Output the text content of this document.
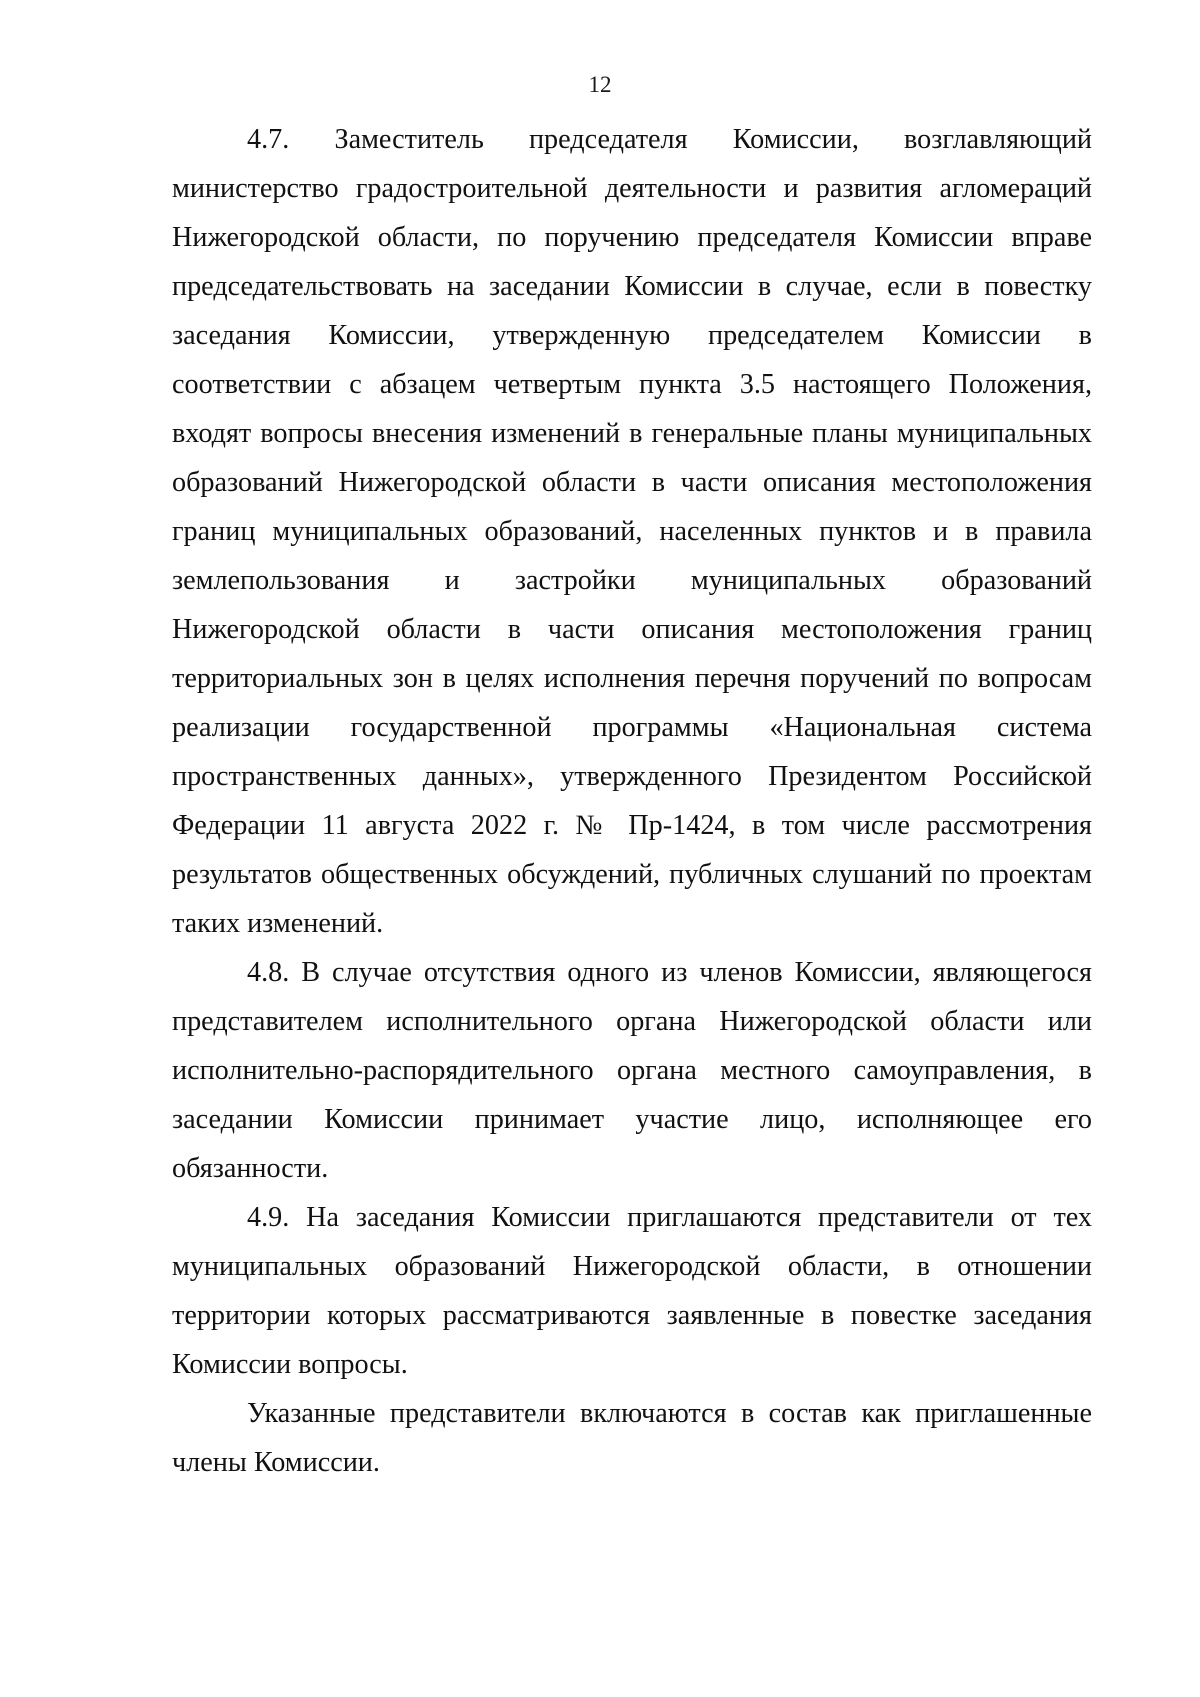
12

4.7. Заместитель председателя Комиссии, возглавляющий министерство градостроительной деятельности и развития агломераций Нижегородской области, по поручению председателя Комиссии вправе председательствовать на заседании Комиссии в случае, если в повестку заседания Комиссии, утвержденную председателем Комиссии в соответствии с абзацем четвертым пункта 3.5 настоящего Положения, входят вопросы внесения изменений в генеральные планы муниципальных образований Нижегородской области в части описания местоположения границ муниципальных образований, населенных пунктов и в правила землепользования и застройки муниципальных образований Нижегородской области в части описания местоположения границ территориальных зон в целях исполнения перечня поручений по вопросам реализации государственной программы «Национальная система пространственных данных», утвержденного Президентом Российской Федерации 11 августа 2022 г. № Пр-1424, в том числе рассмотрения результатов общественных обсуждений, публичных слушаний по проектам таких изменений.

4.8. В случае отсутствия одного из членов Комиссии, являющегося представителем исполнительного органа Нижегородской области или исполнительно-распорядительного органа местного самоуправления, в заседании Комиссии принимает участие лицо, исполняющее его обязанности.

4.9. На заседания Комиссии приглашаются представители от тех муниципальных образований Нижегородской области, в отношении территории которых рассматриваются заявленные в повестке заседания Комиссии вопросы.

Указанные представители включаются в состав как приглашенные члены Комиссии.
